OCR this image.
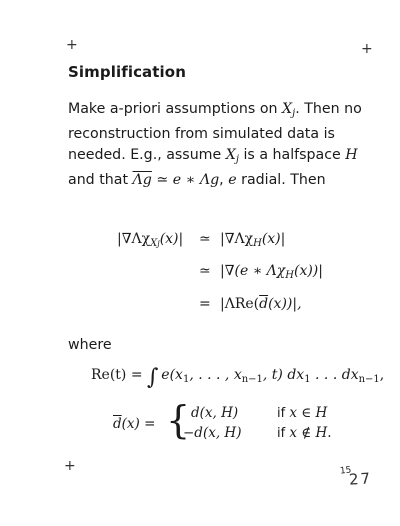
+	+
+
Simplification
Make a-priori assumptions on $X_j$. Then no reconstruction from simulated data is needed. E.g., assume $X_j$ is a halfspace H and that $\overline{\Lambda g}$ ≃ e ∗ Λg, e radial. Then
$|\nabla\Lambda\chi_{Xj}(x)|$ ≃ $|\nabla\Lambda\chi_H(x)|$
≃ |∇(e ∗ $\Lambda\chi_H(x))|$
= $|\Lambda Re(\overline{d}(x))|$,
where
Re(t) = ∫  $e(x_1$, . . . , $x_{n-1}$, t) $dx_1$ . . . $dx_{n-1}$,
$\overline{d}(x)$ = { d(x, H)
−d(x, H)
if x ∈ H
if x ∉ H.
15
27
